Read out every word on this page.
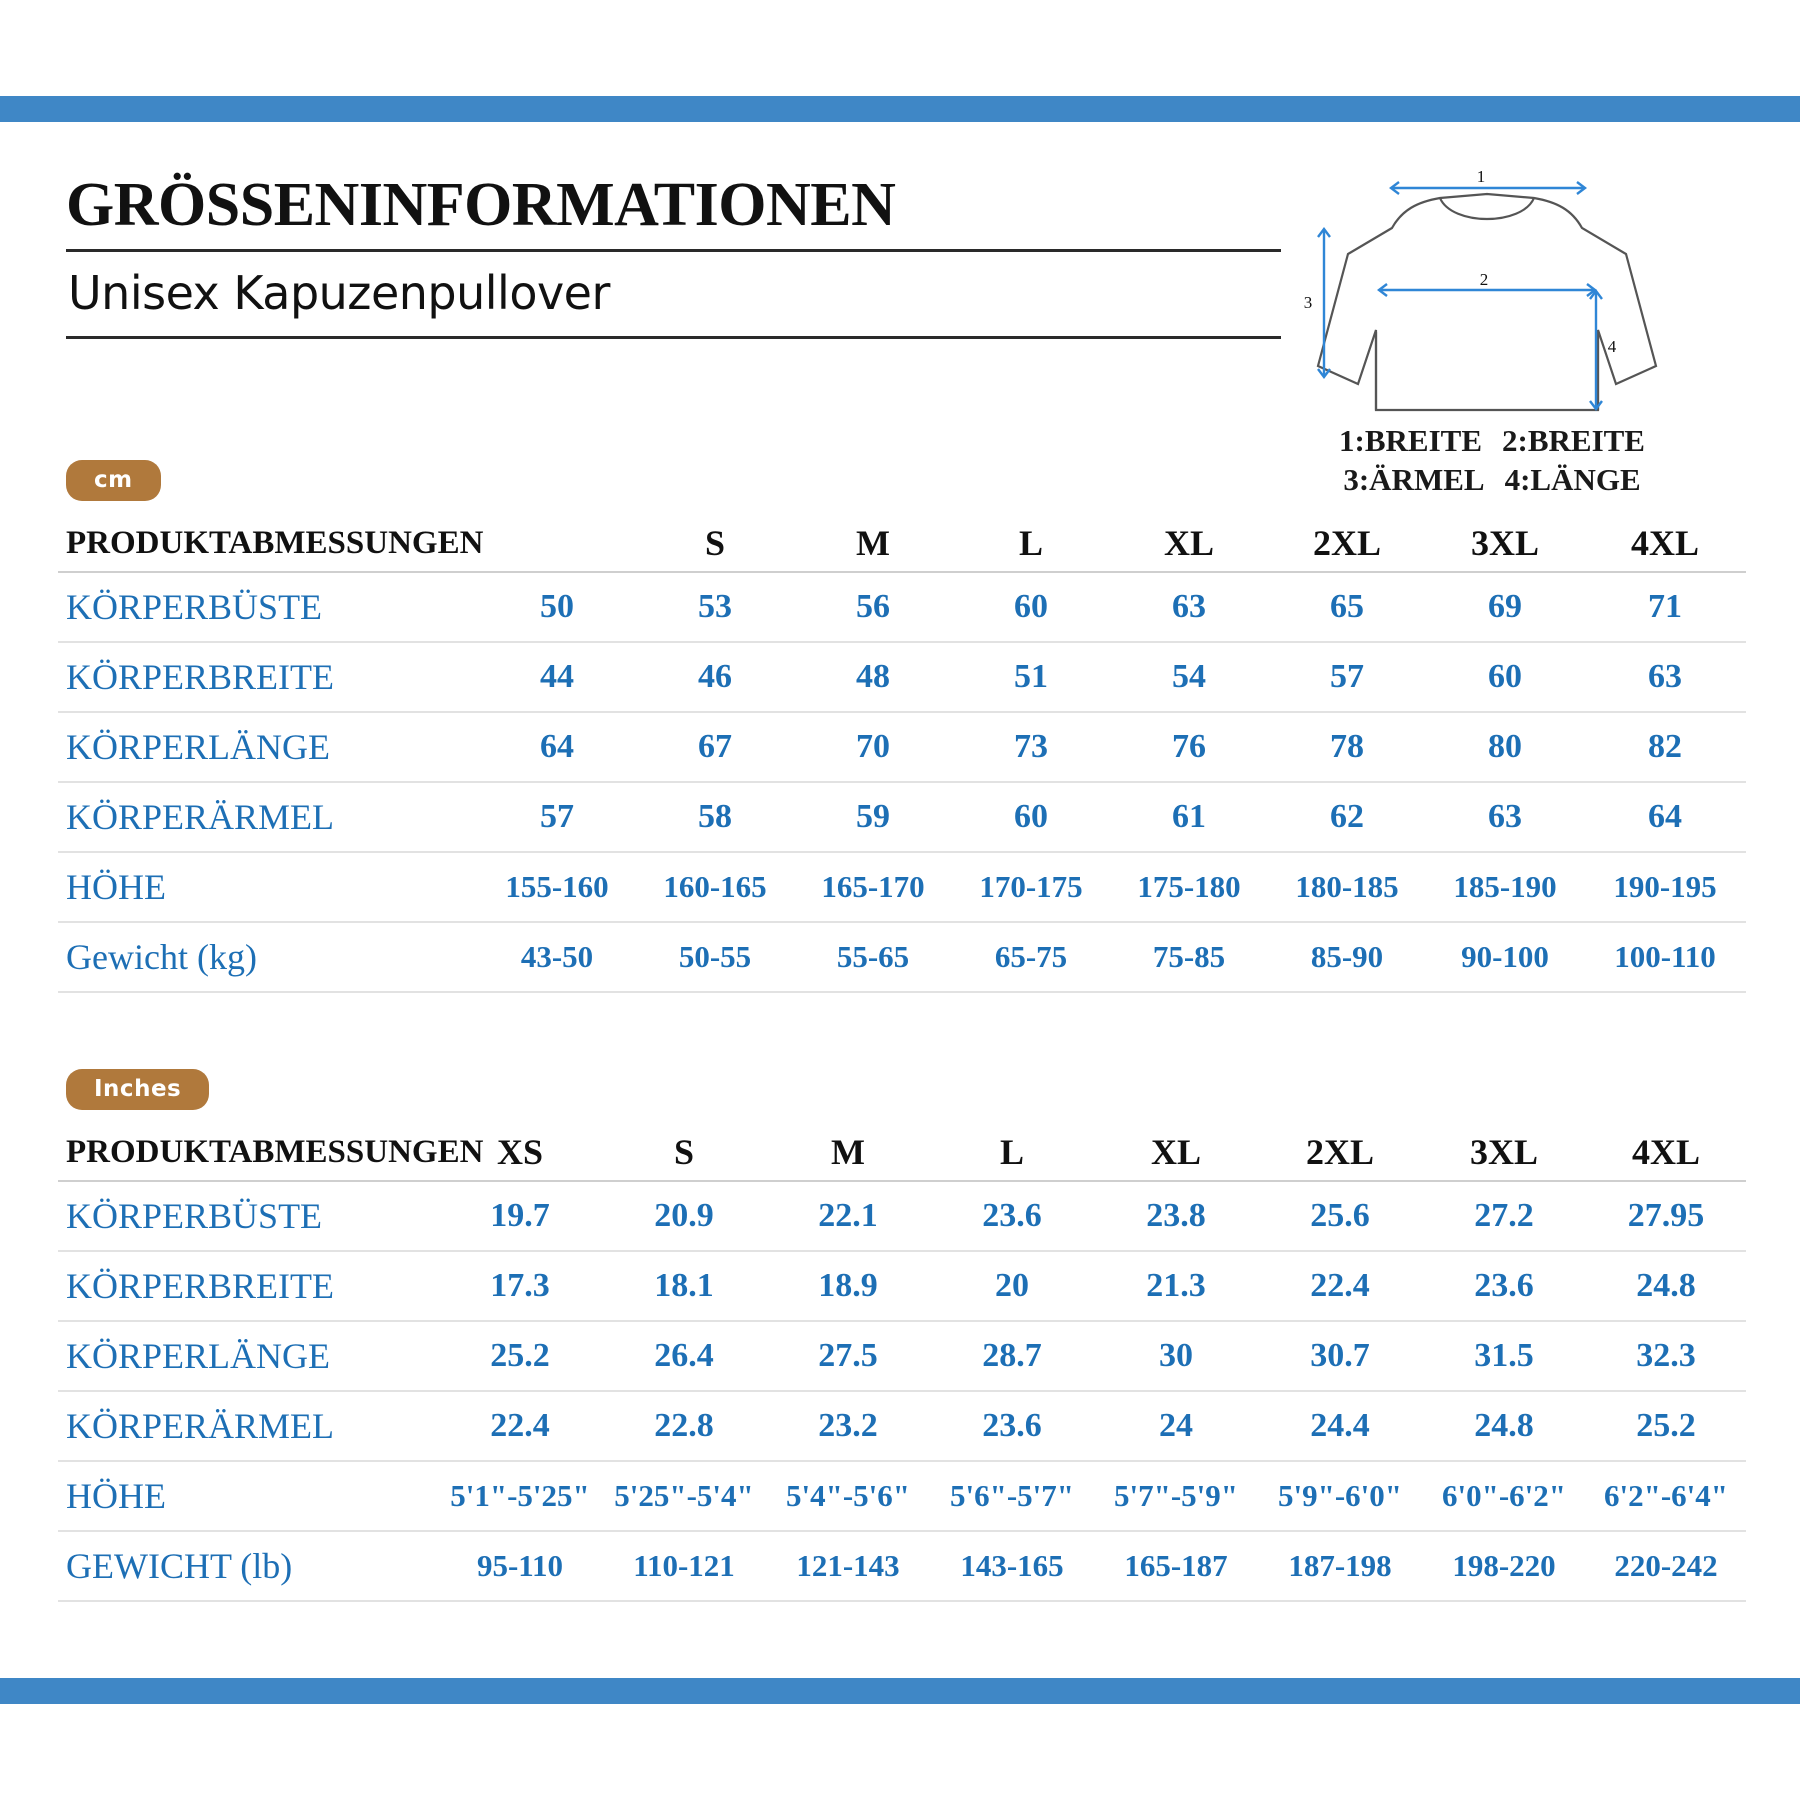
GRÖSSENINFORMATIONEN
Unisex Kapuzenpullover
1
2
3
4
1:BREITE 2:BREITE
3:ÄRMEL 4:LÄNGE
cm
PRODUKTABMESSUNGEN		S	M	L	XL	2XL	3XL	4XL
KÖRPERBÜSTE	50	53	56	60	63	65	69	71
KÖRPERBREITE	44	46	48	51	54	57	60	63
KÖRPERLÄNGE	64	67	70	73	76	78	80	82
KÖRPERÄRMEL	57	58	59	60	61	62	63	64
HÖHE	155-160	160-165	165-170	170-175	175-180	180-185	185-190	190-195
Gewicht (kg)	43-50	50-55	55-65	65-75	75-85	85-90	90-100	100-110
Inches
PRODUKTABMESSUNGEN	XS	S	M	L	XL	2XL	3XL	4XL
KÖRPERBÜSTE	19.7	20.9	22.1	23.6	23.8	25.6	27.2	27.95
KÖRPERBREITE	17.3	18.1	18.9	20	21.3	22.4	23.6	24.8
KÖRPERLÄNGE	25.2	26.4	27.5	28.7	30	30.7	31.5	32.3
KÖRPERÄRMEL	22.4	22.8	23.2	23.6	24	24.4	24.8	25.2
HÖHE	5'1"-5'25"	5'25"-5'4"	5'4"-5'6"	5'6"-5'7"	5'7"-5'9"	5'9"-6'0"	6'0"-6'2"	6'2"-6'4"
GEWICHT (lb)	95-110	110-121	121-143	143-165	165-187	187-198	198-220	220-242
